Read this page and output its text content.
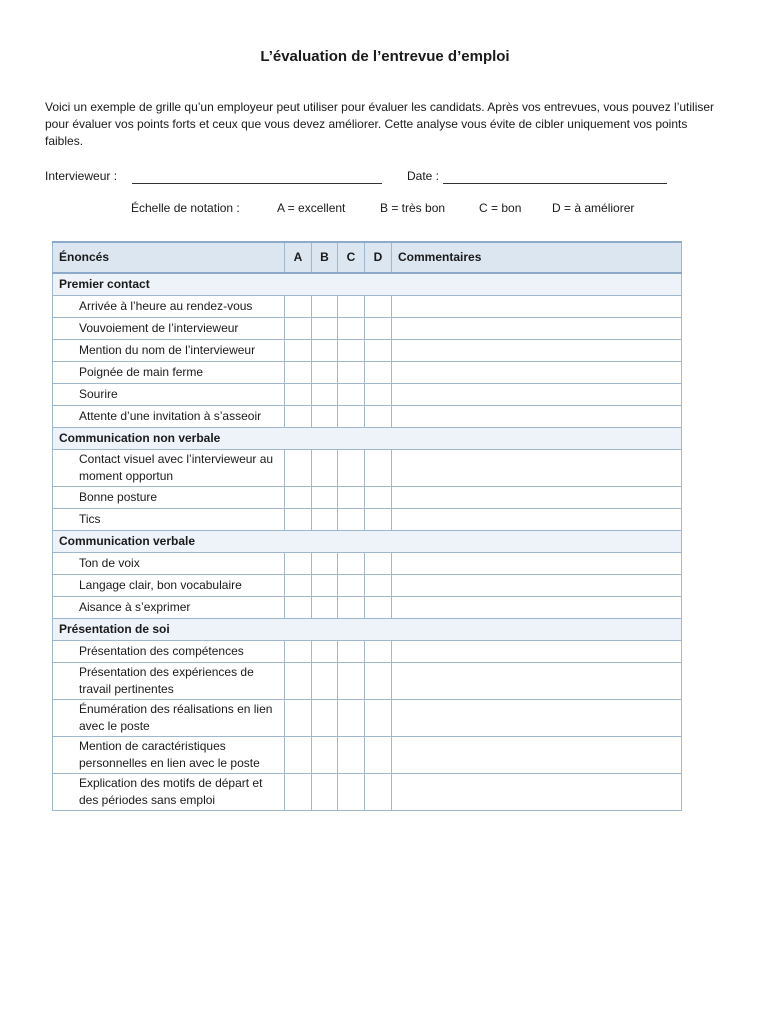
L’évaluation de l’entrevue d’emploi
Voici un exemple de grille qu’un employeur peut utiliser pour évaluer les candidats. Après vos entrevues, vous pouvez l’utiliser pour évaluer vos points forts et ceux que vous devez améliorer. Cette analyse vous évite de cibler uniquement vos points faibles.
Intervieweur :	Date :
Échelle de notation :	A = excellent	B = très bon	C = bon	D = à améliorer
Énoncés	A	B	C	D	Commentaires
Premier contact					
Arrivée à l’heure au rendez-vous					
Vouvoiement de l’intervieweur					
Mention du nom de l’intervieweur					
Poignée de main ferme					
Sourire					
Attente d’une invitation à s’asseoir					
Communication non verbale					
Contact visuel avec l’intervieweur au moment opportun					
Bonne posture					
Tics					
Communication verbale					
Ton de voix					
Langage clair, bon vocabulaire					
Aisance à s’exprimer					
Présentation de soi					
Présentation des compétences					
Présentation des expériences de travail pertinentes					
Énumération des réalisations en lien avec le poste					
Mention de caractéristiques personnelles en lien avec le poste					
Explication des motifs de départ et des périodes sans emploi					
